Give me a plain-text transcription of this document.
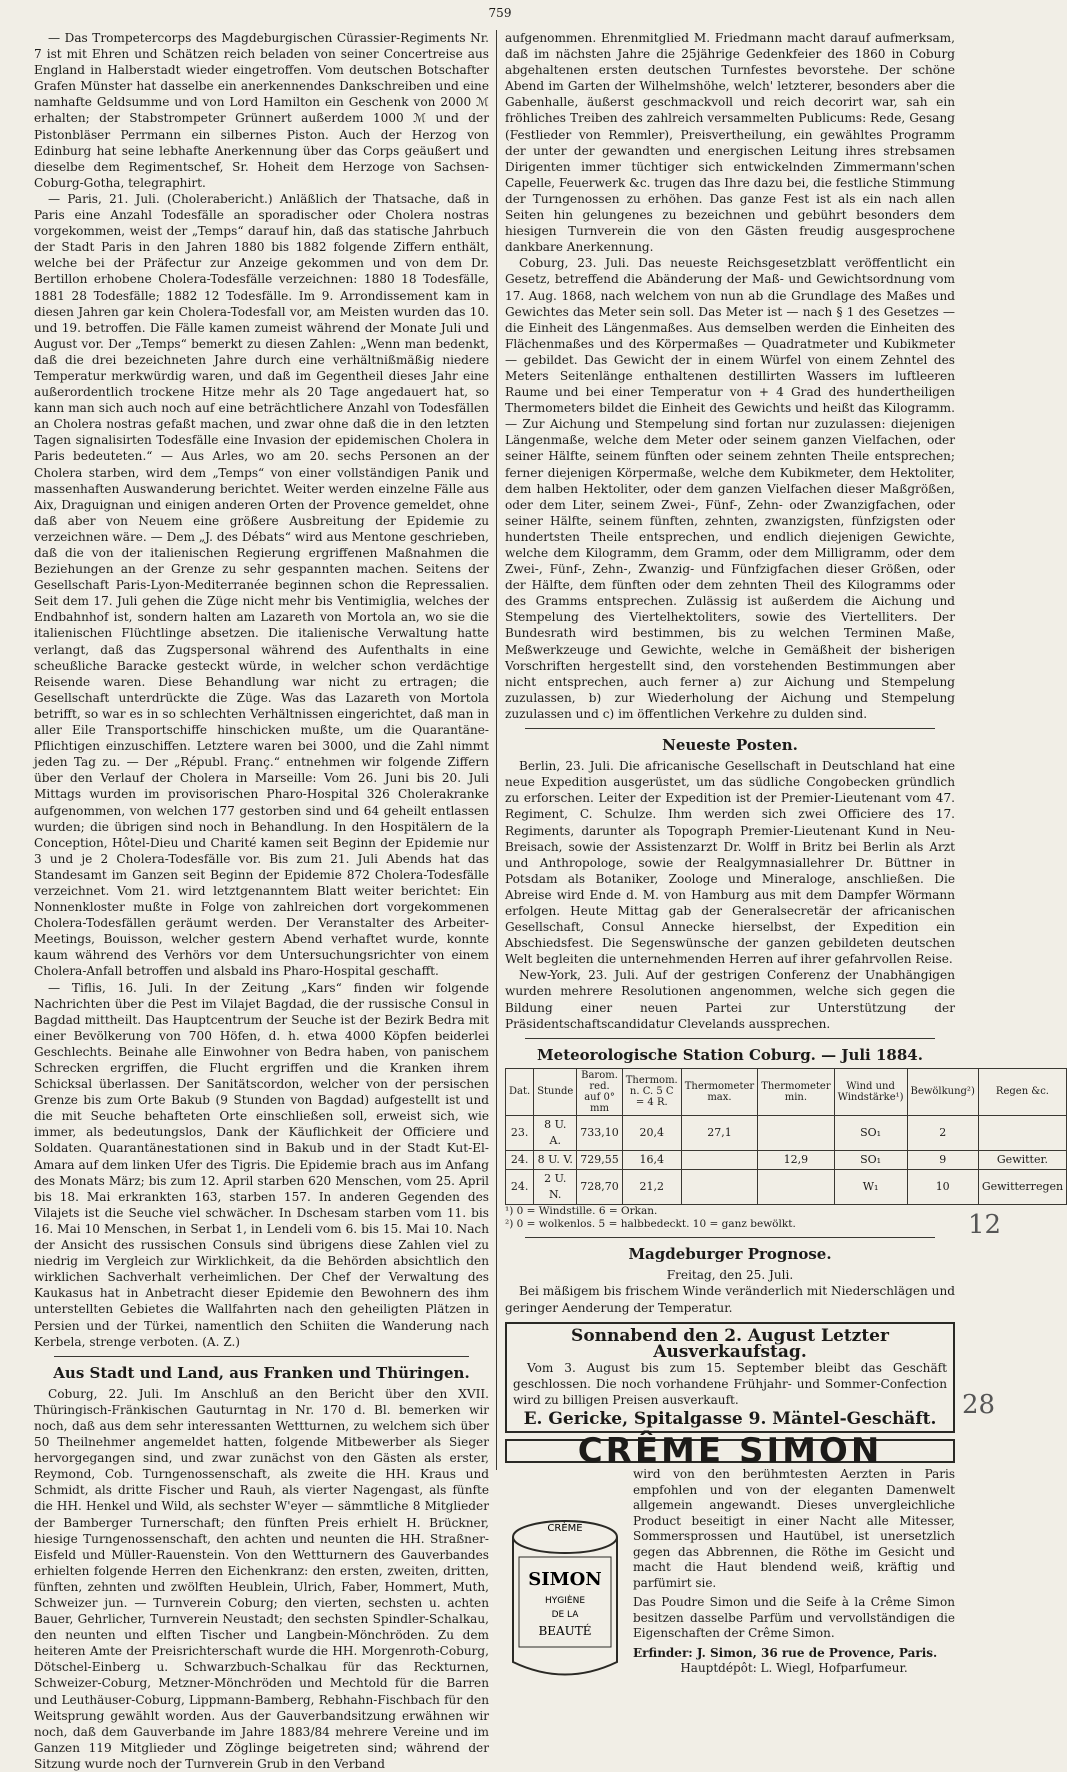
759

— Das Trompetercorps des Magdeburgischen Cürassier-Regiments Nr. 7 ist mit Ehren und Schätzen reich beladen von seiner Concertreise aus England in Halberstadt wieder eingetroffen. Vom deutschen Botschafter Grafen Münster hat dasselbe ein anerkennendes Dankschreiben und eine namhafte Geldsumme und von Lord Hamilton ein Geschenk von 2000 ℳ erhalten; der Stabstrompeter Grünnert außerdem 1000 ℳ und der Pistonbläser Perrmann ein silbernes Piston. Auch der Herzog von Edinburg hat seine lebhafte Anerkennung über das Corps geäußert und dieselbe dem Regimentschef, Sr. Hoheit dem Herzoge von Sachsen-Coburg-Gotha, telegraphirt.

— Paris, 21. Juli. (Cholerabericht.) Anläßlich der Thatsache, daß in Paris eine Anzahl Todesfälle an sporadischer oder Cholera nostras vorgekommen, weist der „Temps“ darauf hin, daß das statische Jahrbuch der Stadt Paris in den Jahren 1880 bis 1882 folgende Ziffern enthält, welche bei der Präfectur zur Anzeige gekommen und von dem Dr. Bertillon erhobene Cholera-Todesfälle verzeichnen: 1880 18 Todesfälle, 1881 28 Todesfälle; 1882 12 Todesfälle. Im 9. Arrondissement kam in diesen Jahren gar kein Cholera-Todesfall vor, am Meisten wurden das 10. und 19. betroffen. Die Fälle kamen zumeist während der Monate Juli und August vor. Der „Temps“ bemerkt zu diesen Zahlen: „Wenn man bedenkt, daß die drei bezeichneten Jahre durch eine verhältnißmäßig niedere Temperatur merkwürdig waren, und daß im Gegentheil dieses Jahr eine außerordentlich trockene Hitze mehr als 20 Tage angedauert hat, so kann man sich auch noch auf eine beträchtlichere Anzahl von Todesfällen an Cholera nostras gefaßt machen, und zwar ohne daß die in den letzten Tagen signalisirten Todesfälle eine Invasion der epidemischen Cholera in Paris bedeuteten.“ — Aus Arles, wo am 20. sechs Personen an der Cholera starben, wird dem „Temps“ von einer vollständigen Panik und massenhaften Auswanderung berichtet. Weiter werden einzelne Fälle aus Aix, Draguignan und einigen anderen Orten der Provence gemeldet, ohne daß aber von Neuem eine größere Ausbreitung der Epidemie zu verzeichnen wäre. — Dem „J. des Débats“ wird aus Mentone geschrieben, daß die von der italienischen Regierung ergriffenen Maßnahmen die Beziehungen an der Grenze zu sehr gespannten machen. Seitens der Gesellschaft Paris-Lyon-Mediterranée beginnen schon die Repressalien. Seit dem 17. Juli gehen die Züge nicht mehr bis Ventimiglia, welches der Endbahnhof ist, sondern halten am Lazareth von Mortola an, wo sie die italienischen Flüchtlinge absetzen. Die italienische Verwaltung hatte verlangt, daß das Zugspersonal während des Aufenthalts in eine scheußliche Baracke gesteckt würde, in welcher schon verdächtige Reisende waren. Diese Behandlung war nicht zu ertragen; die Gesellschaft unterdrückte die Züge. Was das Lazareth von Mortola betrifft, so war es in so schlechten Verhältnissen eingerichtet, daß man in aller Eile Transportschiffe hinschicken mußte, um die Quarantäne-Pflichtigen einzuschiffen. Letztere waren bei 3000, und die Zahl nimmt jeden Tag zu. — Der „Républ. Franç.“ entnehmen wir folgende Ziffern über den Verlauf der Cholera in Marseille: Vom 26. Juni bis 20. Juli Mittags wurden im provisorischen Pharo-Hospital 326 Cholerakranke aufgenommen, von welchen 177 gestorben sind und 64 geheilt entlassen wurden; die übrigen sind noch in Behandlung. In den Hospitälern de la Conception, Hôtel-Dieu und Charité kamen seit Beginn der Epidemie nur 3 und je 2 Cholera-Todesfälle vor. Bis zum 21. Juli Abends hat das Standesamt im Ganzen seit Beginn der Epidemie 872 Cholera-Todesfälle verzeichnet. Vom 21. wird letztgenanntem Blatt weiter berichtet: Ein Nonnenkloster mußte in Folge von zahlreichen dort vorgekommenen Cholera-Todesfällen geräumt werden. Der Veranstalter des Arbeiter-Meetings, Bouisson, welcher gestern Abend verhaftet wurde, konnte kaum während des Verhörs vor dem Untersuchungsrichter von einem Cholera-Anfall betroffen und alsbald ins Pharo-Hospital geschafft.

— Tiflis, 16. Juli. In der Zeitung „Kars“ finden wir folgende Nachrichten über die Pest im Vilajet Bagdad, die der russische Consul in Bagdad mittheilt. Das Hauptcentrum der Seuche ist der Bezirk Bedra mit einer Bevölkerung von 700 Höfen, d. h. etwa 4000 Köpfen beiderlei Geschlechts. Beinahe alle Einwohner von Bedra haben, von panischem Schrecken ergriffen, die Flucht ergriffen und die Kranken ihrem Schicksal überlassen. Der Sanitätscordon, welcher von der persischen Grenze bis zum Orte Bakub (9 Stunden von Bagdad) aufgestellt ist und die mit Seuche behafteten Orte einschließen soll, erweist sich, wie immer, als bedeutungslos, Dank der Käuflichkeit der Officiere und Soldaten. Quarantänestationen sind in Bakub und in der Stadt Kut-El-Amara auf dem linken Ufer des Tigris. Die Epidemie brach aus im Anfang des Monats März; bis zum 12. April starben 620 Menschen, vom 25. April bis 18. Mai erkrankten 163, starben 157. In anderen Gegenden des Vilajets ist die Seuche viel schwächer. In Dschesam starben vom 11. bis 16. Mai 10 Menschen, in Serbat 1, in Lendeli vom 6. bis 15. Mai 10. Nach der Ansicht des russischen Consuls sind übrigens diese Zahlen viel zu niedrig im Vergleich zur Wirklichkeit, da die Behörden absichtlich den wirklichen Sachverhalt verheimlichen. Der Chef der Verwaltung des Kaukasus hat in Anbetracht dieser Epidemie den Bewohnern des ihm unterstellten Gebietes die Wallfahrten nach den geheiligten Plätzen in Persien und der Türkei, namentlich den Schiiten die Wanderung nach Kerbela, strenge verboten. (A. Z.)

Aus Stadt und Land, aus Franken und Thüringen.

Coburg, 22. Juli. Im Anschluß an den Bericht über den XVII. Thüringisch-Fränkischen Gauturntag in Nr. 170 d. Bl. bemerken wir noch, daß aus dem sehr interessanten Wettturnen, zu welchem sich über 50 Theilnehmer angemeldet hatten, folgende Mitbewerber als Sieger hervorgegangen sind, und zwar zunächst von den Gästen als erster, Reymond, Cob. Turngenossenschaft, als zweite die HH. Kraus und Schmidt, als dritte Fischer und Rauh, als vierter Nagengast, als fünfte die HH. Henkel und Wild, als sechster W'eyer — sämmtliche 8 Mitglieder der Bamberger Turnerschaft; den fünften Preis erhielt H. Brückner, hiesige Turngenossenschaft, den achten und neunten die HH. Straßner-Eisfeld und Müller-Rauenstein. Von den Wettturnern des Gauverbandes erhielten folgende Herren den Eichenkranz: den ersten, zweiten, dritten, fünften, zehnten und zwölften Heublein, Ulrich, Faber, Hommert, Muth, Schweizer jun. — Turnverein Coburg; den vierten, sechsten u. achten Bauer, Gehrlicher, Turnverein Neustadt; den sechsten Spindler-Schalkau, den neunten und elften Tischer und Langbein-Mönchröden. Zu dem heiteren Amte der Preisrichterschaft wurde die HH. Morgenroth-Coburg, Dötschel-Einberg u. Schwarzbuch-Schalkau für das Reckturnen, Schweizer-Coburg, Metzner-Mönchröden und Mechtold für die Barren und Leuthäuser-Coburg, Lippmann-Bamberg, Rebhahn-Fischbach für den Weitsprung gewählt worden. Aus der Gauverbandsitzung erwähnen wir noch, daß dem Gauverbande im Jahre 1883/84 mehrere Vereine und im Ganzen 119 Mitglieder und Zöglinge beigetreten sind; während der Sitzung wurde noch der Turnverein Grub in den Verband

aufgenommen. Ehrenmitglied M. Friedmann macht darauf aufmerksam, daß im nächsten Jahre die 25jährige Gedenkfeier des 1860 in Coburg abgehaltenen ersten deutschen Turnfestes bevorstehe. Der schöne Abend im Garten der Wilhelmshöhe, welch' letzterer, besonders aber die Gabenhalle, äußerst geschmackvoll und reich decorirt war, sah ein fröhliches Treiben des zahlreich versammelten Publicums: Rede, Gesang (Festlieder von Remmler), Preisvertheilung, ein gewähltes Programm der unter der gewandten und energischen Leitung ihres strebsamen Dirigenten immer tüchtiger sich entwickelnden Zimmermann'schen Capelle, Feuerwerk &c. trugen das Ihre dazu bei, die festliche Stimmung der Turngenossen zu erhöhen. Das ganze Fest ist als ein nach allen Seiten hin gelungenes zu bezeichnen und gebührt besonders dem hiesigen Turnverein die von den Gästen freudig ausgesprochene dankbare Anerkennung.

Coburg, 23. Juli. Das neueste Reichsgesetzblatt veröffentlicht ein Gesetz, betreffend die Abänderung der Maß- und Gewichtsordnung vom 17. Aug. 1868, nach welchem von nun ab die Grundlage des Maßes und Gewichtes das Meter sein soll. Das Meter ist — nach § 1 des Gesetzes — die Einheit des Längenmaßes. Aus demselben werden die Einheiten des Flächenmaßes und des Körpermaßes — Quadratmeter und Kubikmeter — gebildet. Das Gewicht der in einem Würfel von einem Zehntel des Meters Seitenlänge enthaltenen destillirten Wassers im luftleeren Raume und bei einer Temperatur von + 4 Grad des hundertheiligen Thermometers bildet die Einheit des Gewichts und heißt das Kilogramm. — Zur Aichung und Stempelung sind fortan nur zuzulassen: diejenigen Längenmaße, welche dem Meter oder seinem ganzen Vielfachen, oder seiner Hälfte, seinem fünften oder seinem zehnten Theile entsprechen; ferner diejenigen Körpermaße, welche dem Kubikmeter, dem Hektoliter, dem halben Hektoliter, oder dem ganzen Vielfachen dieser Maßgrößen, oder dem Liter, seinem Zwei-, Fünf-, Zehn- oder Zwanzigfachen, oder seiner Hälfte, seinem fünften, zehnten, zwanzigsten, fünfzigsten oder hundertsten Theile entsprechen, und endlich diejenigen Gewichte, welche dem Kilogramm, dem Gramm, oder dem Milligramm, oder dem Zwei-, Fünf-, Zehn-, Zwanzig- und Fünfzigfachen dieser Größen, oder der Hälfte, dem fünften oder dem zehnten Theil des Kilogramms oder des Gramms entsprechen. Zulässig ist außerdem die Aichung und Stempelung des Viertelhektoliters, sowie des Viertelliters. Der Bundesrath wird bestimmen, bis zu welchen Terminen Maße, Meßwerkzeuge und Gewichte, welche in Gemäßheit der bisherigen Vorschriften hergestellt sind, den vorstehenden Bestimmungen aber nicht entsprechen, auch ferner a) zur Aichung und Stempelung zuzulassen, b) zur Wiederholung der Aichung und Stempelung zuzulassen und c) im öffentlichen Verkehre zu dulden sind.

Neueste Posten.

Berlin, 23. Juli. Die africanische Gesellschaft in Deutschland hat eine neue Expedition ausgerüstet, um das südliche Congobecken gründlich zu erforschen. Leiter der Expedition ist der Premier-Lieutenant vom 47. Regiment, C. Schulze. Ihm werden sich zwei Officiere des 17. Regiments, darunter als Topograph Premier-Lieutenant Kund in Neu-Breisach, sowie der Assistenzarzt Dr. Wolff in Britz bei Berlin als Arzt und Anthropologe, sowie der Realgymnasiallehrer Dr. Büttner in Potsdam als Botaniker, Zoologe und Mineraloge, anschließen. Die Abreise wird Ende d. M. von Hamburg aus mit dem Dampfer Wörmann erfolgen. Heute Mittag gab der Generalsecretär der africanischen Gesellschaft, Consul Annecke hierselbst, der Expedition ein Abschiedsfest. Die Segenswünsche der ganzen gebildeten deutschen Welt begleiten die unternehmenden Herren auf ihrer gefahrvollen Reise.

New-York, 23. Juli. Auf der gestrigen Conferenz der Unabhängigen wurden mehrere Resolutionen angenommen, welche sich gegen die Bildung einer neuen Partei zur Unterstützung der Präsidentschaftscandidatur Clevelands aussprechen.

Meteorologische Station Coburg. — Juli 1884.
Dat.	Stunde	Barom. red. auf 0° mm	Thermom. n. C. 5 C = 4 R.	Thermometer max.	Thermometer min.	Wind und Windstärke¹)	Bewölkung²)	Regen &c.
23.	8 U. A.	733,10	20,4	27,1		SO₁	2	
24.	8 U. V.	729,55	16,4		12,9	SO₁	9	Gewitter.
24.	2 U. N.	728,70	21,2			W₁	10	Gewitterregen

¹) 0 = Windstille. 6 = Orkan.

²) 0 = wolkenlos. 5 = halbbedeckt. 10 = ganz bewölkt.

Magdeburger Prognose.

Freitag, den 25. Juli.

Bei mäßigem bis frischem Winde veränderlich mit Niederschlägen und geringer Aenderung der Temperatur.

Sonnabend den 2. August Letzter Ausverkaufstag.

Vom 3. August bis zum 15. September bleibt das Geschäft geschlossen. Die noch vorhandene Frühjahr- und Sommer-Confection wird zu billigen Preisen ausverkauft.

E. Gericke, Spitalgasse 9. Mäntel-Geschäft.

CRÊME SIMON
CRÈME
SIMON
HYGIÈNE
DE LA
BEAUTÉ

wird von den berühmtesten Aerzten in Paris empfohlen und von der eleganten Damenwelt allgemein angewandt. Dieses unvergleichliche Product beseitigt in einer Nacht alle Mitesser, Sommersprossen und Hautübel, ist unersetzlich gegen das Abbrennen, die Röthe im Gesicht und macht die Haut blendend weiß, kräftig und parfümirt sie.

Das Poudre Simon und die Seife à la Crême Simon besitzen dasselbe Parfüm und vervollständigen die Eigenschaften der Crême Simon.

Erfinder: J. Simon, 36 rue de Provence, Paris.

Hauptdépôt: L. Wiegl, Hofparfumeur.

12
28
